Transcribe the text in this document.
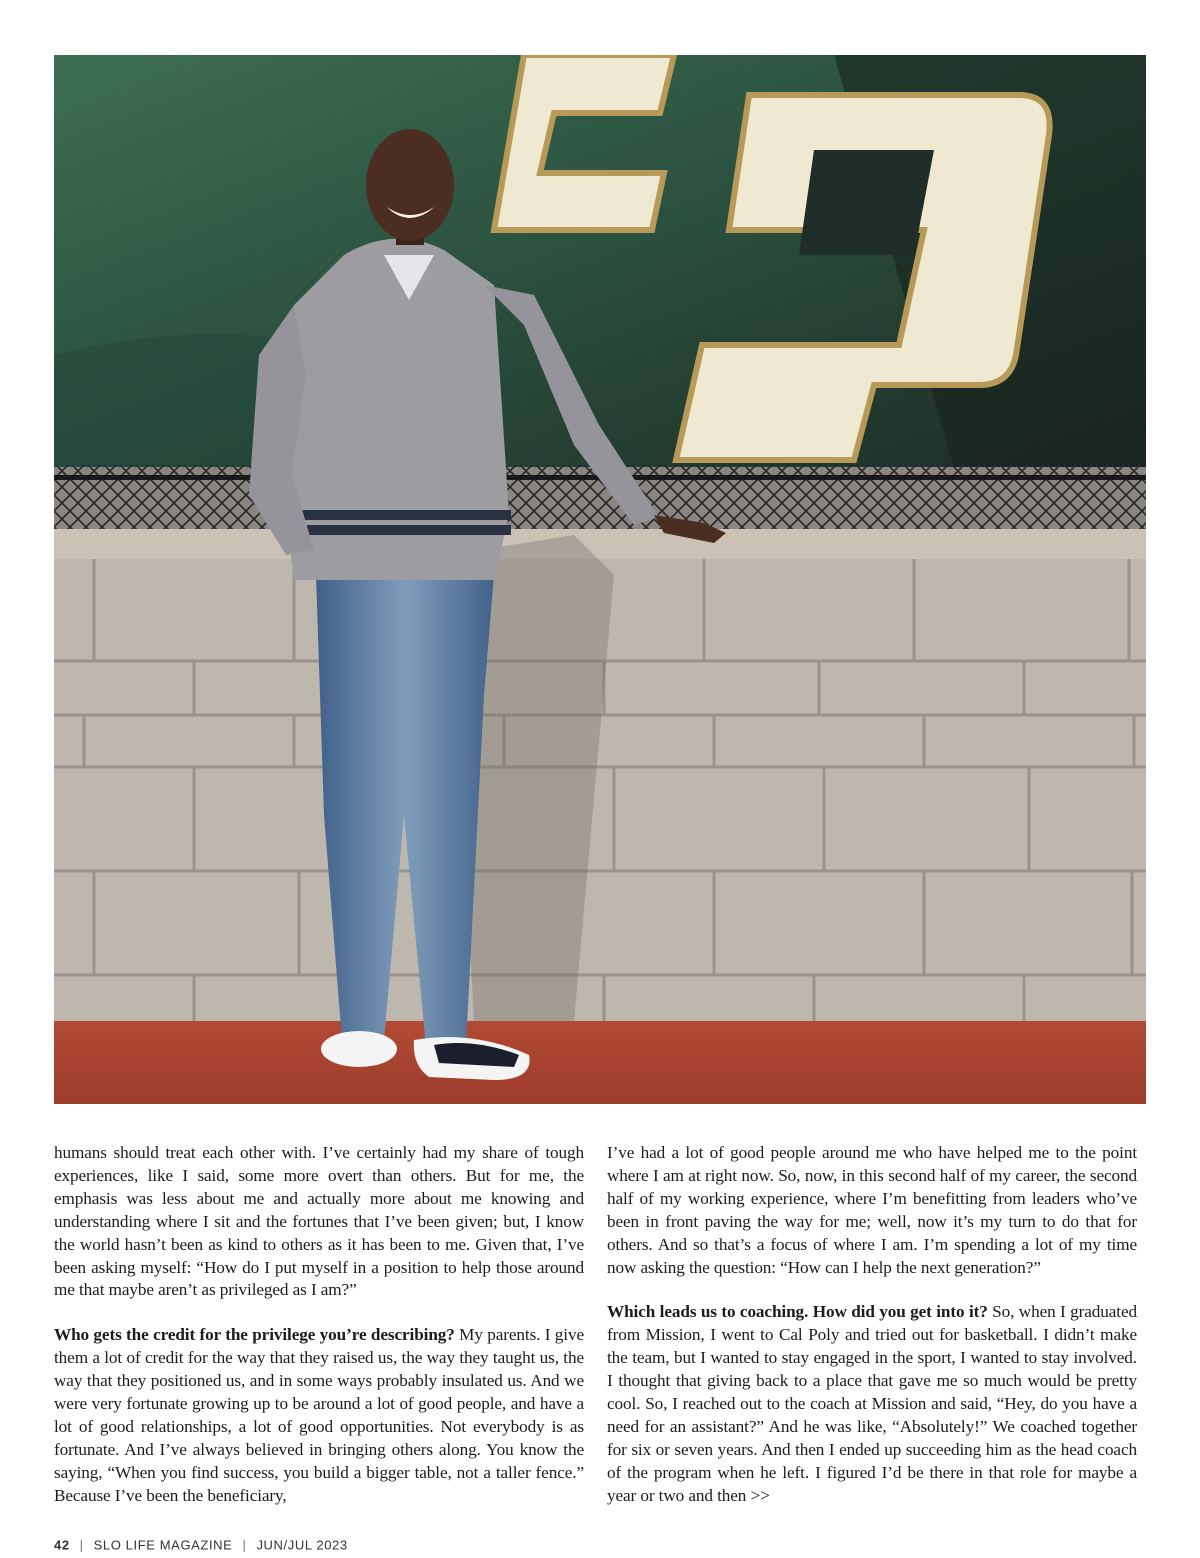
humans should treat each other with. I’ve certainly had my share of tough experiences, like I said, some more overt than others. But for me, the emphasis was less about me and actually more about me knowing and understanding where I sit and the fortunes that I’ve been given; but, I know the world hasn’t been as kind to others as it has been to me. Given that, I’ve been asking myself: “How do I put myself in a position to help those around me that maybe aren’t as privileged as I am?”

Who gets the credit for the privilege you’re describing? My parents. I give them a lot of credit for the way that they raised us, the way they taught us, the way that they positioned us, and in some ways probably insulated us. And we were very fortunate growing up to be around a lot of good people, and have a lot of good relationships, a lot of good opportunities. Not everybody is as fortunate. And I’ve always believed in bringing others along. You know the saying, “When you find success, you build a bigger table, not a taller fence.” Because I’ve been the beneficiary,

I’ve had a lot of good people around me who have helped me to the point where I am at right now. So, now, in this second half of my career, the second half of my working experience, where I’m benefitting from leaders who’ve been in front paving the way for me; well, now it’s my turn to do that for others. And so that’s a focus of where I am. I’m spending a lot of my time now asking the question: “How can I help the next generation?”

Which leads us to coaching. How did you get into it? So, when I graduated from Mission, I went to Cal Poly and tried out for basketball. I didn’t make the team, but I wanted to stay engaged in the sport, I wanted to stay involved. I thought that giving back to a place that gave me so much would be pretty cool. So, I reached out to the coach at Mission and said, “Hey, do you have a need for an assistant?” And he was like, “Absolutely!” We coached together for six or seven years. And then I ended up succeeding him as the head coach of the program when he left. I figured I’d be there in that role for maybe a year or two and then >>

42 | SLO LIFE MAGAZINE | JUN/JUL 2023
